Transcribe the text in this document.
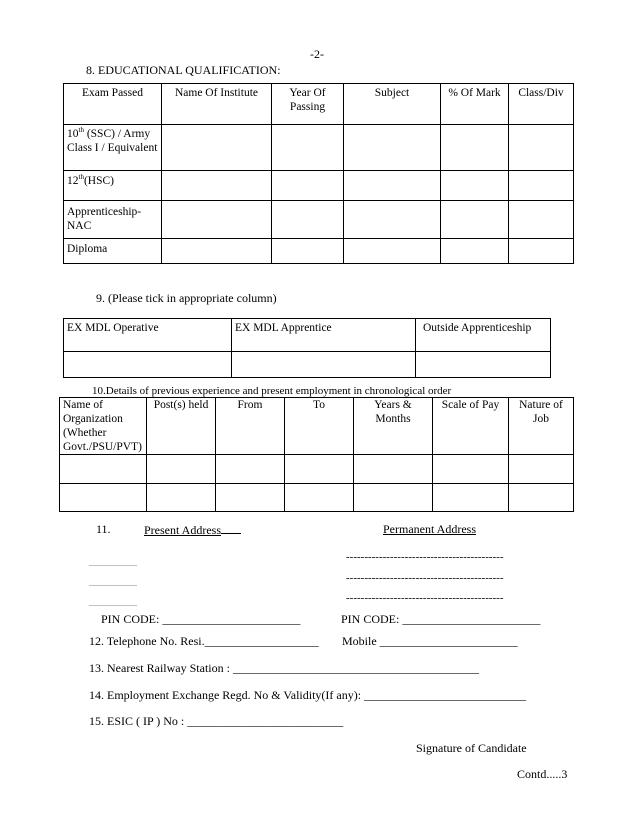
-2-
8. EDUCATIONAL QUALIFICATION:
Exam Passed	Name Of Institute	Year Of Passing	Subject	% Of Mark	Class/Div
10th (SSC) / Army Class I / Equivalent					
12th(HSC)					
Apprenticeship-NAC					
Diploma					
9. (Please tick in appropriate column)
EX MDL Operative	EX MDL Apprentice	Outside Apprenticeship

10.Details of previous experience and present employment in chronological order
Name of Organization (Whether Govt./PSU/PVT)	Post(s) held	From	To	Years & Months	Scale of Pay	Nature of Job

11.	Present Address	Permanent Address
________
________
________
-------------------------------------------
-------------------------------------------
-------------------------------------------
PIN CODE: _______________________	PIN CODE: _______________________
12. Telephone No. Resi.___________________ Mobile _______________________
13. Nearest Railway Station : _________________________________________
14. Employment Exchange Regd. No & Validity(If any): ___________________________
15. ESIC ( IP ) No : __________________________
Signature of Candidate
Contd.....3
